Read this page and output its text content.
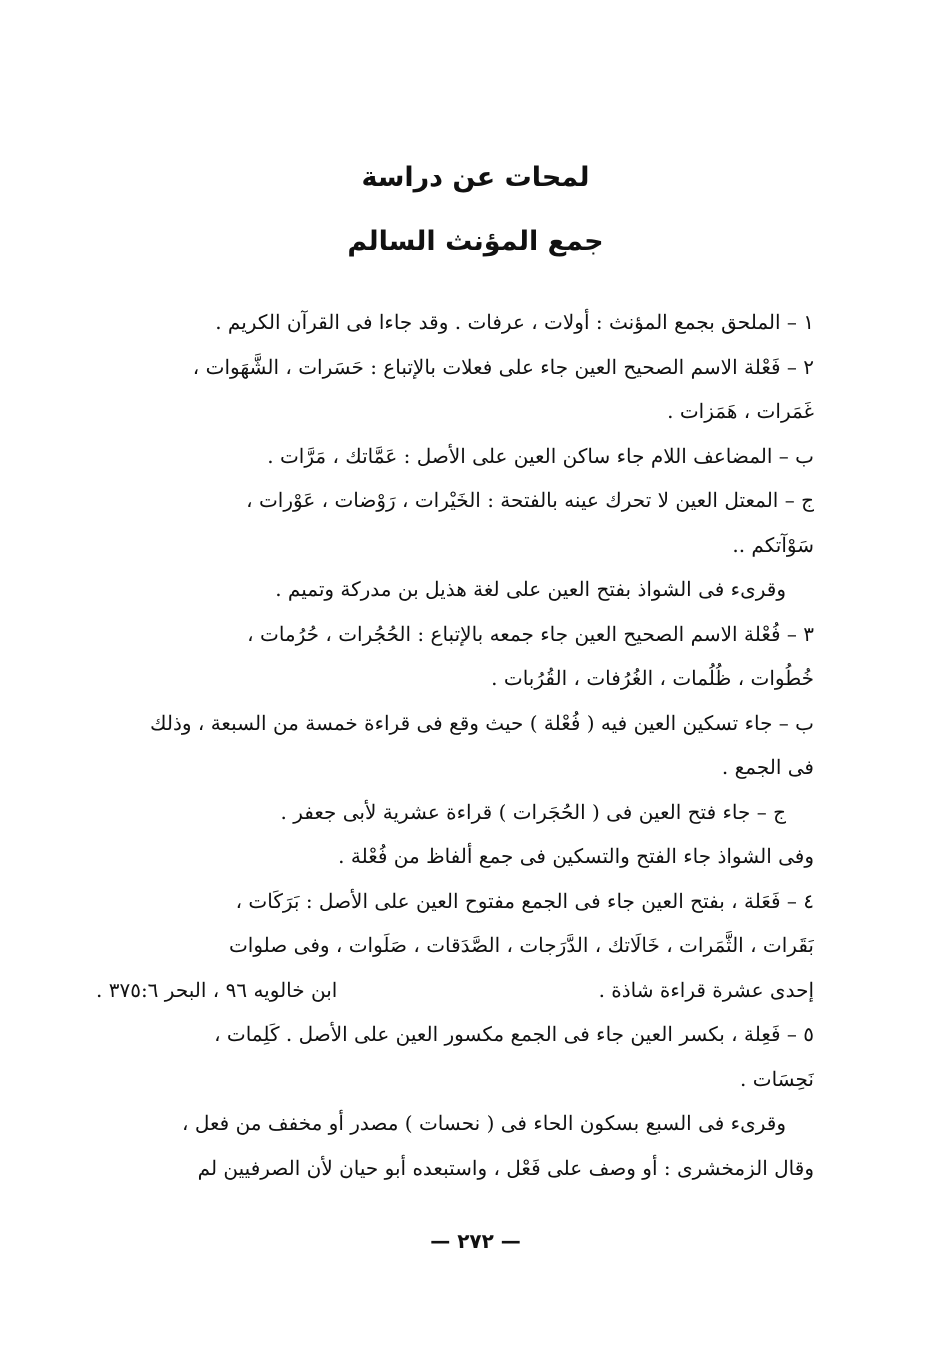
لمحات عن دراسة
جمع المؤنث السالم
١ – الملحق بجمع المؤنث : أولات ، عرفات . وقد جاءا فى القرآن الكريم .
٢ – فَعْلة الاسم الصحيح العين جاء على فعلات بالإتباع : حَسَرات ، الشَّهَوات ،
غَمَرات ، هَمَزات .
ب – المضاعف اللام جاء ساكن العين على الأصل : عَمَّاتك ، مَرَّات .
ج – المعتل العين لا تحرك عينه بالفتحة : الخَيْرات ، رَوْضات ، عَوْرات ،
سَوْآتكم ..
وقرىء فى الشواذ بفتح العين على لغة هذيل بن مدركة وتميم .
٣ – فُعْلة الاسم الصحيح العين جاء جمعه بالإتباع : الحُجُرات ، حُرُمات ،
خُطُوات ، ظُلُمات ، الغُرُفات ، القُرُبات .
ب – جاء تسكين العين فيه ( فُعْلة ) حيث وقع فى قراءة خمسة من السبعة ، وذلك
فى الجمع .
ج – جاء فتح العين فى ( الحُجَرات ) قراءة عشرية لأبى جعفر .
وفى الشواذ جاء الفتح والتسكين فى جمع ألفاظ من فُعْلة .
٤ – فَعَلة ، بفتح العين جاء فى الجمع مفتوح العين على الأصل : بَرَكَات ،
بَقَرات ، الثَّمَرات ، خَالَاتك ، الدَّرَجات ، الصَّدَقات ، صَلَوات ، وفى صلوات
إحدى عشرة قراءة شاذة .
ابن خالويه ٩٦ ، البحر ٣٧٥:٦ .
٥ – فَعِلة ، بكسر العين جاء فى الجمع مكسور العين على الأصل . كَلِمات ،
نَحِسَات .
وقرىء فى السبع بسكون الحاء فى ( نحسات ) مصدر أو مخفف من فعل ،
وقال الزمخشرى : أو وصف على فَعْل ، واستبعده أبو حيان لأن الصرفيين لم
— ٢٧٢ —
